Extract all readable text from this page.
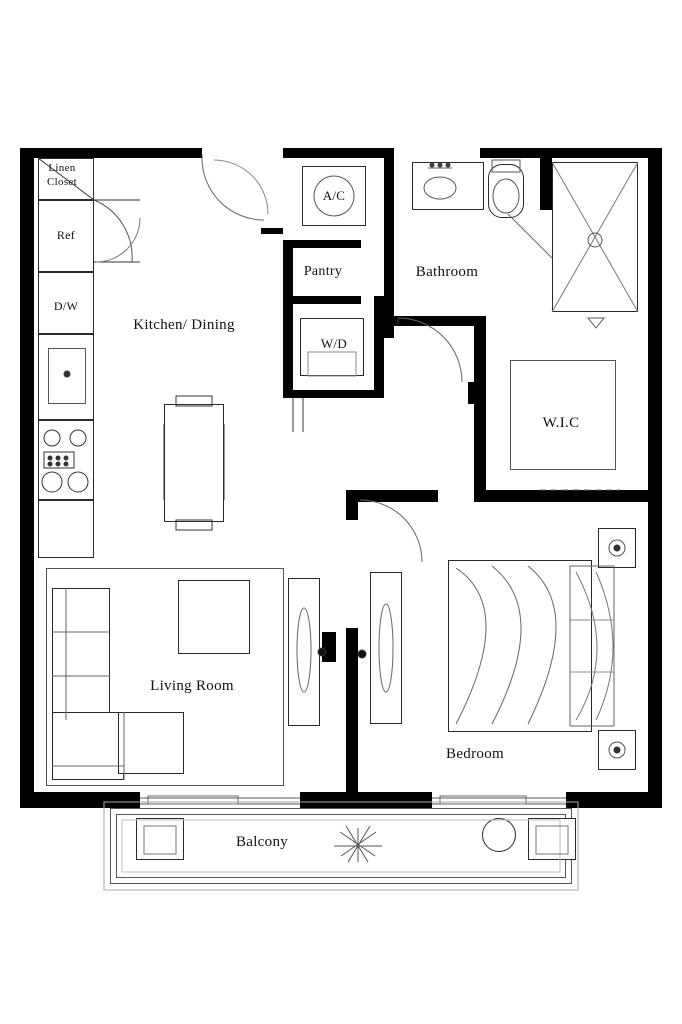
Linen
Closet
Ref
D/W
Kitchen/ Dining
A/C
Pantry
W/D
Bathroom
W.I.C
Living Room
Bedroom
Balcony
